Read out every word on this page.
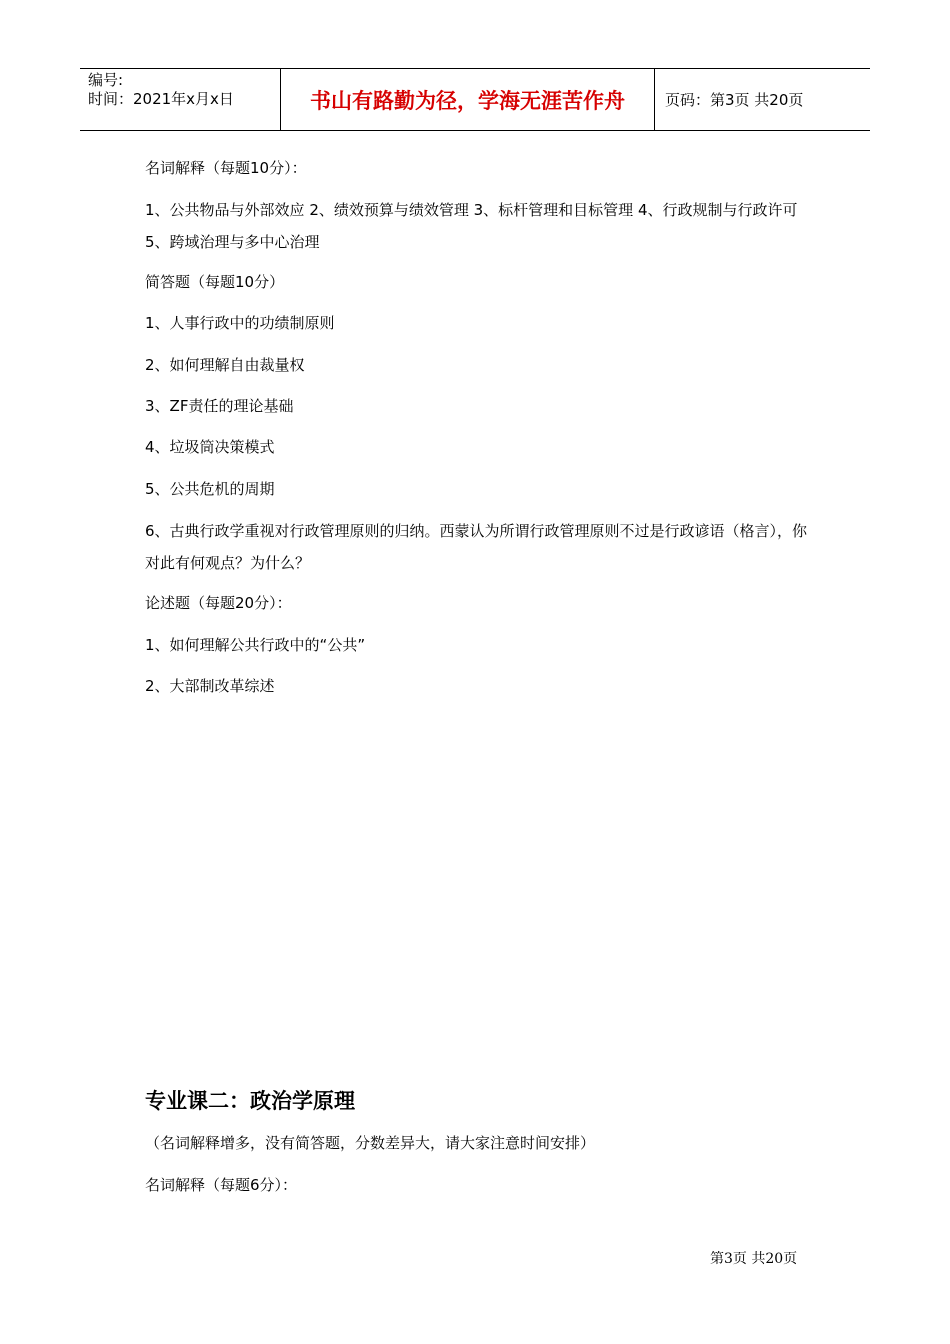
编号:
时间：2021年x月x日	书山有路勤为径，学海无涯苦作舟	页码：第3页 共20页
名词解释（每题10分）：
1、公共物品与外部效应 2、绩效预算与绩效管理 3、标杆管理和目标管理 4、行政规制与行政许可 5、跨域治理与多中心治理
简答题（每题10分）
1、人事行政中的功绩制原则
2、如何理解自由裁量权
3、ZF责任的理论基础
4、垃圾筒决策模式
5、公共危机的周期
6、古典行政学重视对行政管理原则的归纳。西蒙认为所谓行政管理原则不过是行政谚语（格言），你对此有何观点？为什么？
论述题（每题20分）：
1、如何理解公共行政中的“公共”
2、大部制改革综述
专业课二：政治学原理
（名词解释增多，没有简答题，分数差异大，请大家注意时间安排）
名词解释（每题6分）：
第3页 共20页
